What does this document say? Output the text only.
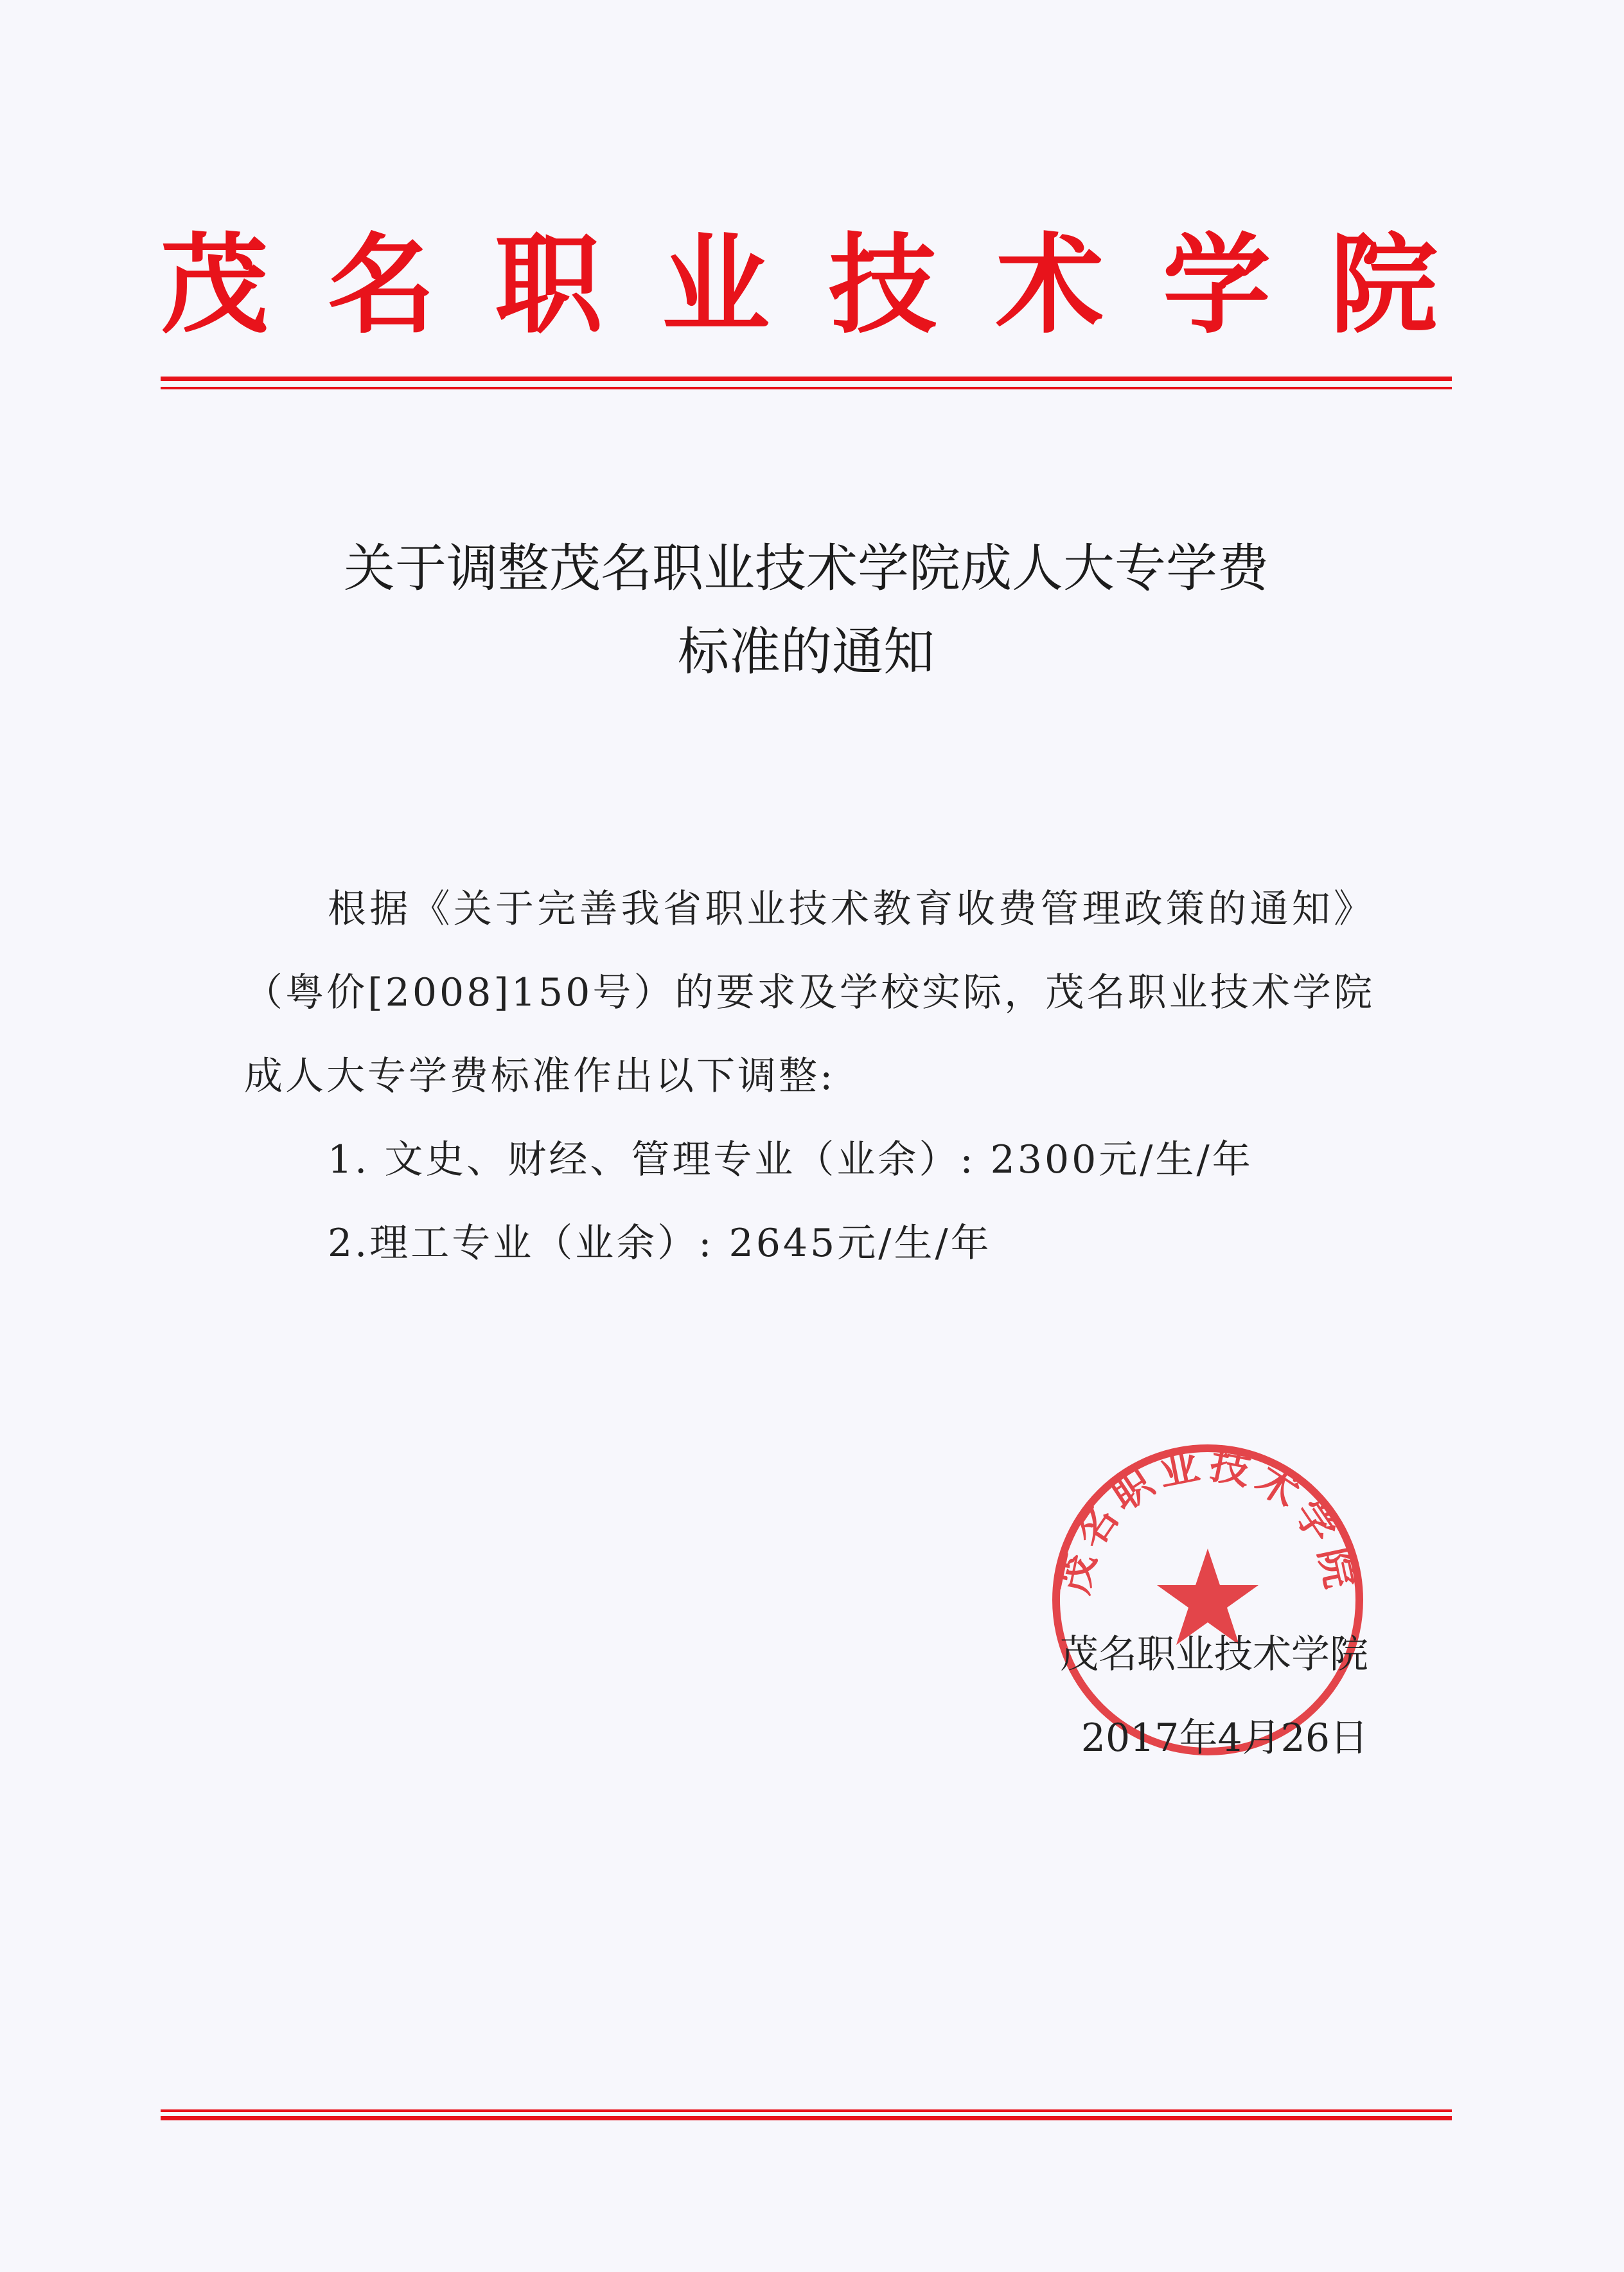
茂名职业技术学院
关于调整茂名职业技术学院成人大专学费
标准的通知
根据《关于完善我省职业技术教育收费管理政策的通知》（粤价[2008]150号）的要求及学校实际，茂名职业技术学院成人大专学费标准作出以下调整:
1. 文史、财经、管理专业（业余）: 2300元/生/年
2.理工专业（业余）: 2645元/生/年
茂名职业技术学院
茂名职业技术学院
2017年4月26日
